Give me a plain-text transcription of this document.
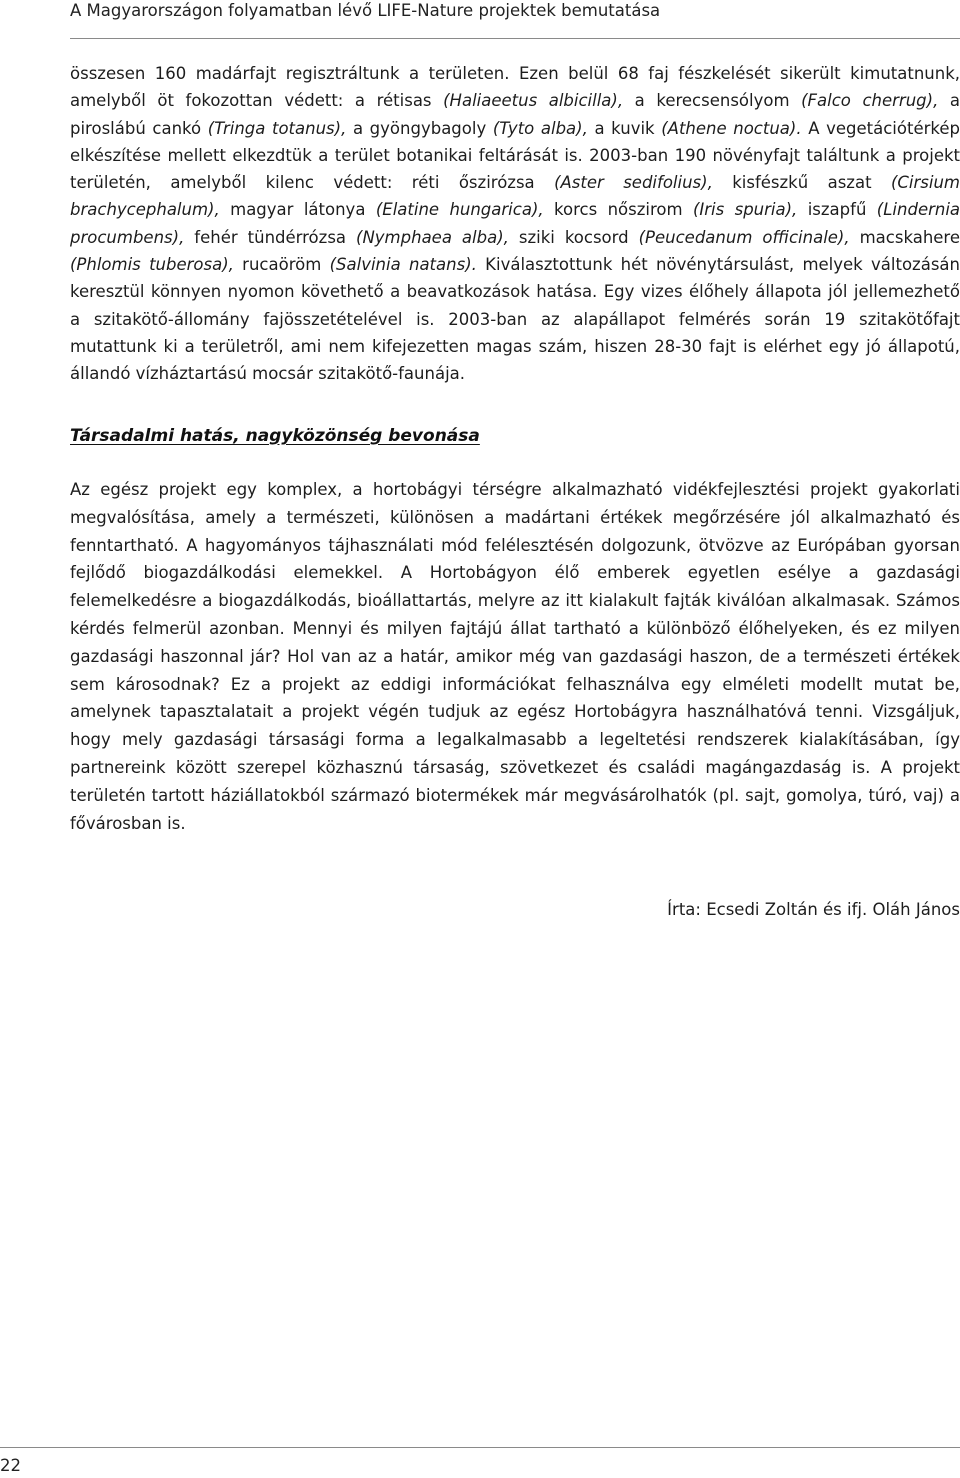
A Magyarországon folyamatban lévő LIFE-Nature projektek bemutatása

összesen 160 madárfajt regisztráltunk a területen. Ezen belül 68 faj fészkelését sikerült kimutatnunk, amelyből öt fokozottan védett: a rétisas (Haliaeetus albicilla), a kerecsensólyom (Falco cherrug), a piroslábú cankó (Tringa totanus), a gyöngybagoly (Tyto alba), a kuvik (Athene noctua). A vegetációtérkép elkészítése mellett elkezdtük a terület botanikai feltárását is. 2003-ban 190 növényfajt találtunk a projekt területén, amelyből kilenc védett: réti őszirózsa (Aster sedifolius), kisfészkű aszat (Cirsium brachycephalum), magyar látonya (Elatine hungarica), korcs nőszirom (Iris spuria), iszapfű (Lindernia procumbens), fehér tündérrózsa (Nymphaea alba), sziki kocsord (Peucedanum officinale), macskahere (Phlomis tuberosa), rucaöröm (Salvinia natans). Kiválasztottunk hét növénytársulást, melyek változásán keresztül könnyen nyomon követhető a beavatkozások hatása. Egy vizes élőhely állapota jól jellemezhető a szitakötő-állomány fajösszetételével is. 2003-ban az alapállapot felmérés során 19 szitakötőfajt mutattunk ki a területről, ami nem kifejezetten magas szám, hiszen 28-30 fajt is elérhet egy jó állapotú, állandó vízháztartású mocsár szitakötő-faunája.

Társadalmi hatás, nagyközönség bevonása

Az egész projekt egy komplex, a hortobágyi térségre alkalmazható vidékfejlesztési projekt gyakorlati megvalósítása, amely a természeti, különösen a madártani értékek megőrzésére jól alkalmazható és fenntartható. A hagyományos tájhasználati mód felélesztésén dolgozunk, ötvözve az Európában gyorsan fejlődő biogazdálkodási elemekkel. A Hortobágyon élő emberek egyetlen esélye a gazdasági felemelkedésre a biogazdálkodás, bioállattartás, melyre az itt kialakult fajták kiválóan alkalmasak. Számos kérdés felmerül azonban. Mennyi és milyen fajtájú állat tartható a különböző élőhelyeken, és ez milyen gazdasági haszonnal jár? Hol van az a határ, amikor még van gazdasági haszon, de a természeti értékek sem károsodnak? Ez a projekt az eddigi információkat felhasználva egy elméleti modellt mutat be, amelynek tapasztalatait a projekt végén tudjuk az egész Hortobágyra használhatóvá tenni. Vizsgáljuk, hogy mely gazdasági társasági forma a legalkalmasabb a legeltetési rendszerek kialakításában, így partnereink között szerepel közhasznú társaság, szövetkezet és családi magángazdaság is. A projekt területén tartott háziállatokból származó biotermékek már megvásárolhatók (pl. sajt, gomolya, túró, vaj) a fővárosban is.

Írta: Ecsedi Zoltán és ifj. Oláh János
22
